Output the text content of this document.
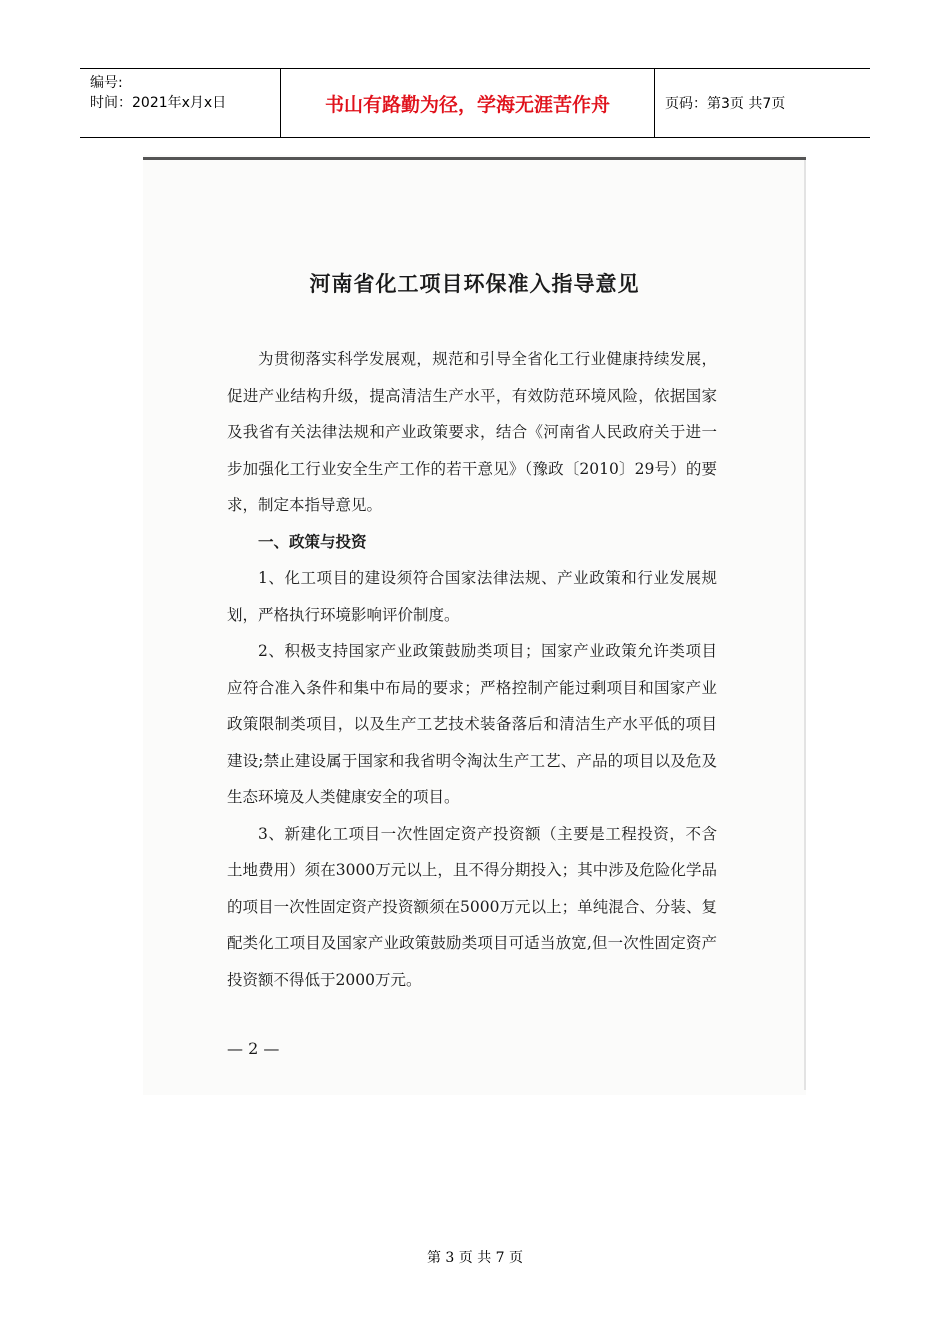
编号:
时间：2021年x月x日	书山有路勤为径，学海无涯苦作舟	页码：第3页 共7页
河南省化工项目环保准入指导意见

为贯彻落实科学发展观，规范和引导全省化工行业健康持续发展，促进产业结构升级，提高清洁生产水平，有效防范环境风险，依据国家及我省有关法律法规和产业政策要求，结合《河南省人民政府关于进一步加强化工行业安全生产工作的若干意见》（豫政〔2010〕29号）的要求，制定本指导意见。

一、政策与投资

1、化工项目的建设须符合国家法律法规、产业政策和行业发展规划，严格执行环境影响评价制度。

2、积极支持国家产业政策鼓励类项目；国家产业政策允许类项目应符合准入条件和集中布局的要求；严格控制产能过剩项目和国家产业政策限制类项目，以及生产工艺技术装备落后和清洁生产水平低的项目建设;禁止建设属于国家和我省明令淘汰生产工艺、产品的项目以及危及生态环境及人类健康安全的项目。

3、新建化工项目一次性固定资产投资额（主要是工程投资，不含土地费用）须在3000万元以上，且不得分期投入；其中涉及危险化学品的项目一次性固定资产投资额须在5000万元以上；单纯混合、分装、复配类化工项目及国家产业政策鼓励类项目可适当放宽,但一次性固定资产投资额不得低于2000万元。

— 2 —
第 3 页 共 7 页
